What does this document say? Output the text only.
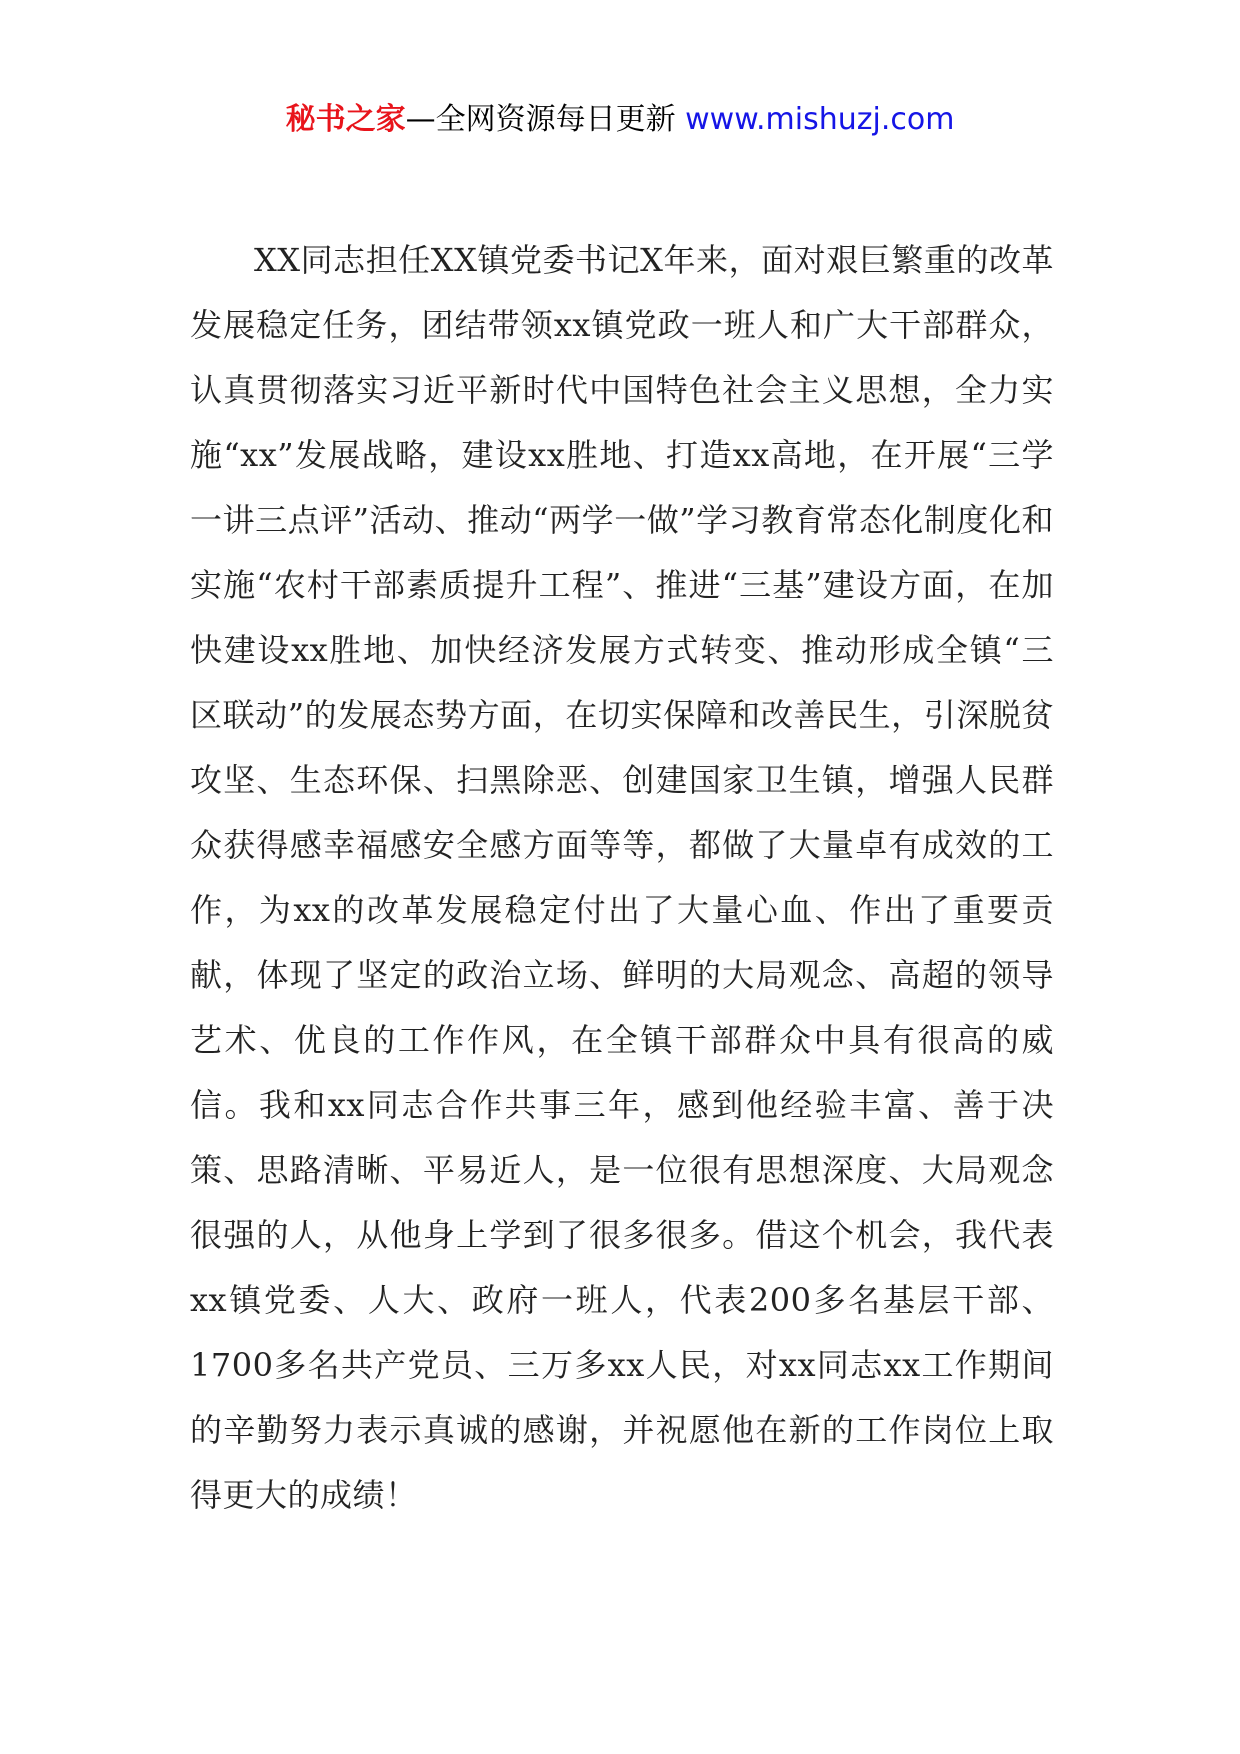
秘书之家—全网资源每日更新 www.mishuzj.com

XX同志担任XX镇党委书记X年来，面对艰巨繁重的改革发展稳定任务，团结带领xx镇党政一班人和广大干部群众，认真贯彻落实习近平新时代中国特色社会主义思想，全力实施“xx”发展战略，建设xx胜地、打造xx高地，在开展“三学一讲三点评”活动、推动“两学一做”学习教育常态化制度化和实施“农村干部素质提升工程”、推进“三基”建设方面，在加快建设xx胜地、加快经济发展方式转变、推动形成全镇“三区联动”的发展态势方面，在切实保障和改善民生，引深脱贫攻坚、生态环保、扫黑除恶、创建国家卫生镇，增强人民群众获得感幸福感安全感方面等等，都做了大量卓有成效的工作，为xx的改革发展稳定付出了大量心血、作出了重要贡献，体现了坚定的政治立场、鲜明的大局观念、高超的领导艺术、优良的工作作风，在全镇干部群众中具有很高的威信。我和xx同志合作共事三年，感到他经验丰富、善于决策、思路清晰、平易近人，是一位很有思想深度、大局观念很强的人，从他身上学到了很多很多。借这个机会，我代表xx镇党委、人大、政府一班人，代表200多名基层干部、1700多名共产党员、三万多xx人民，对xx同志xx工作期间的辛勤努力表示真诚的感谢，并祝愿他在新的工作岗位上取得更大的成绩！
